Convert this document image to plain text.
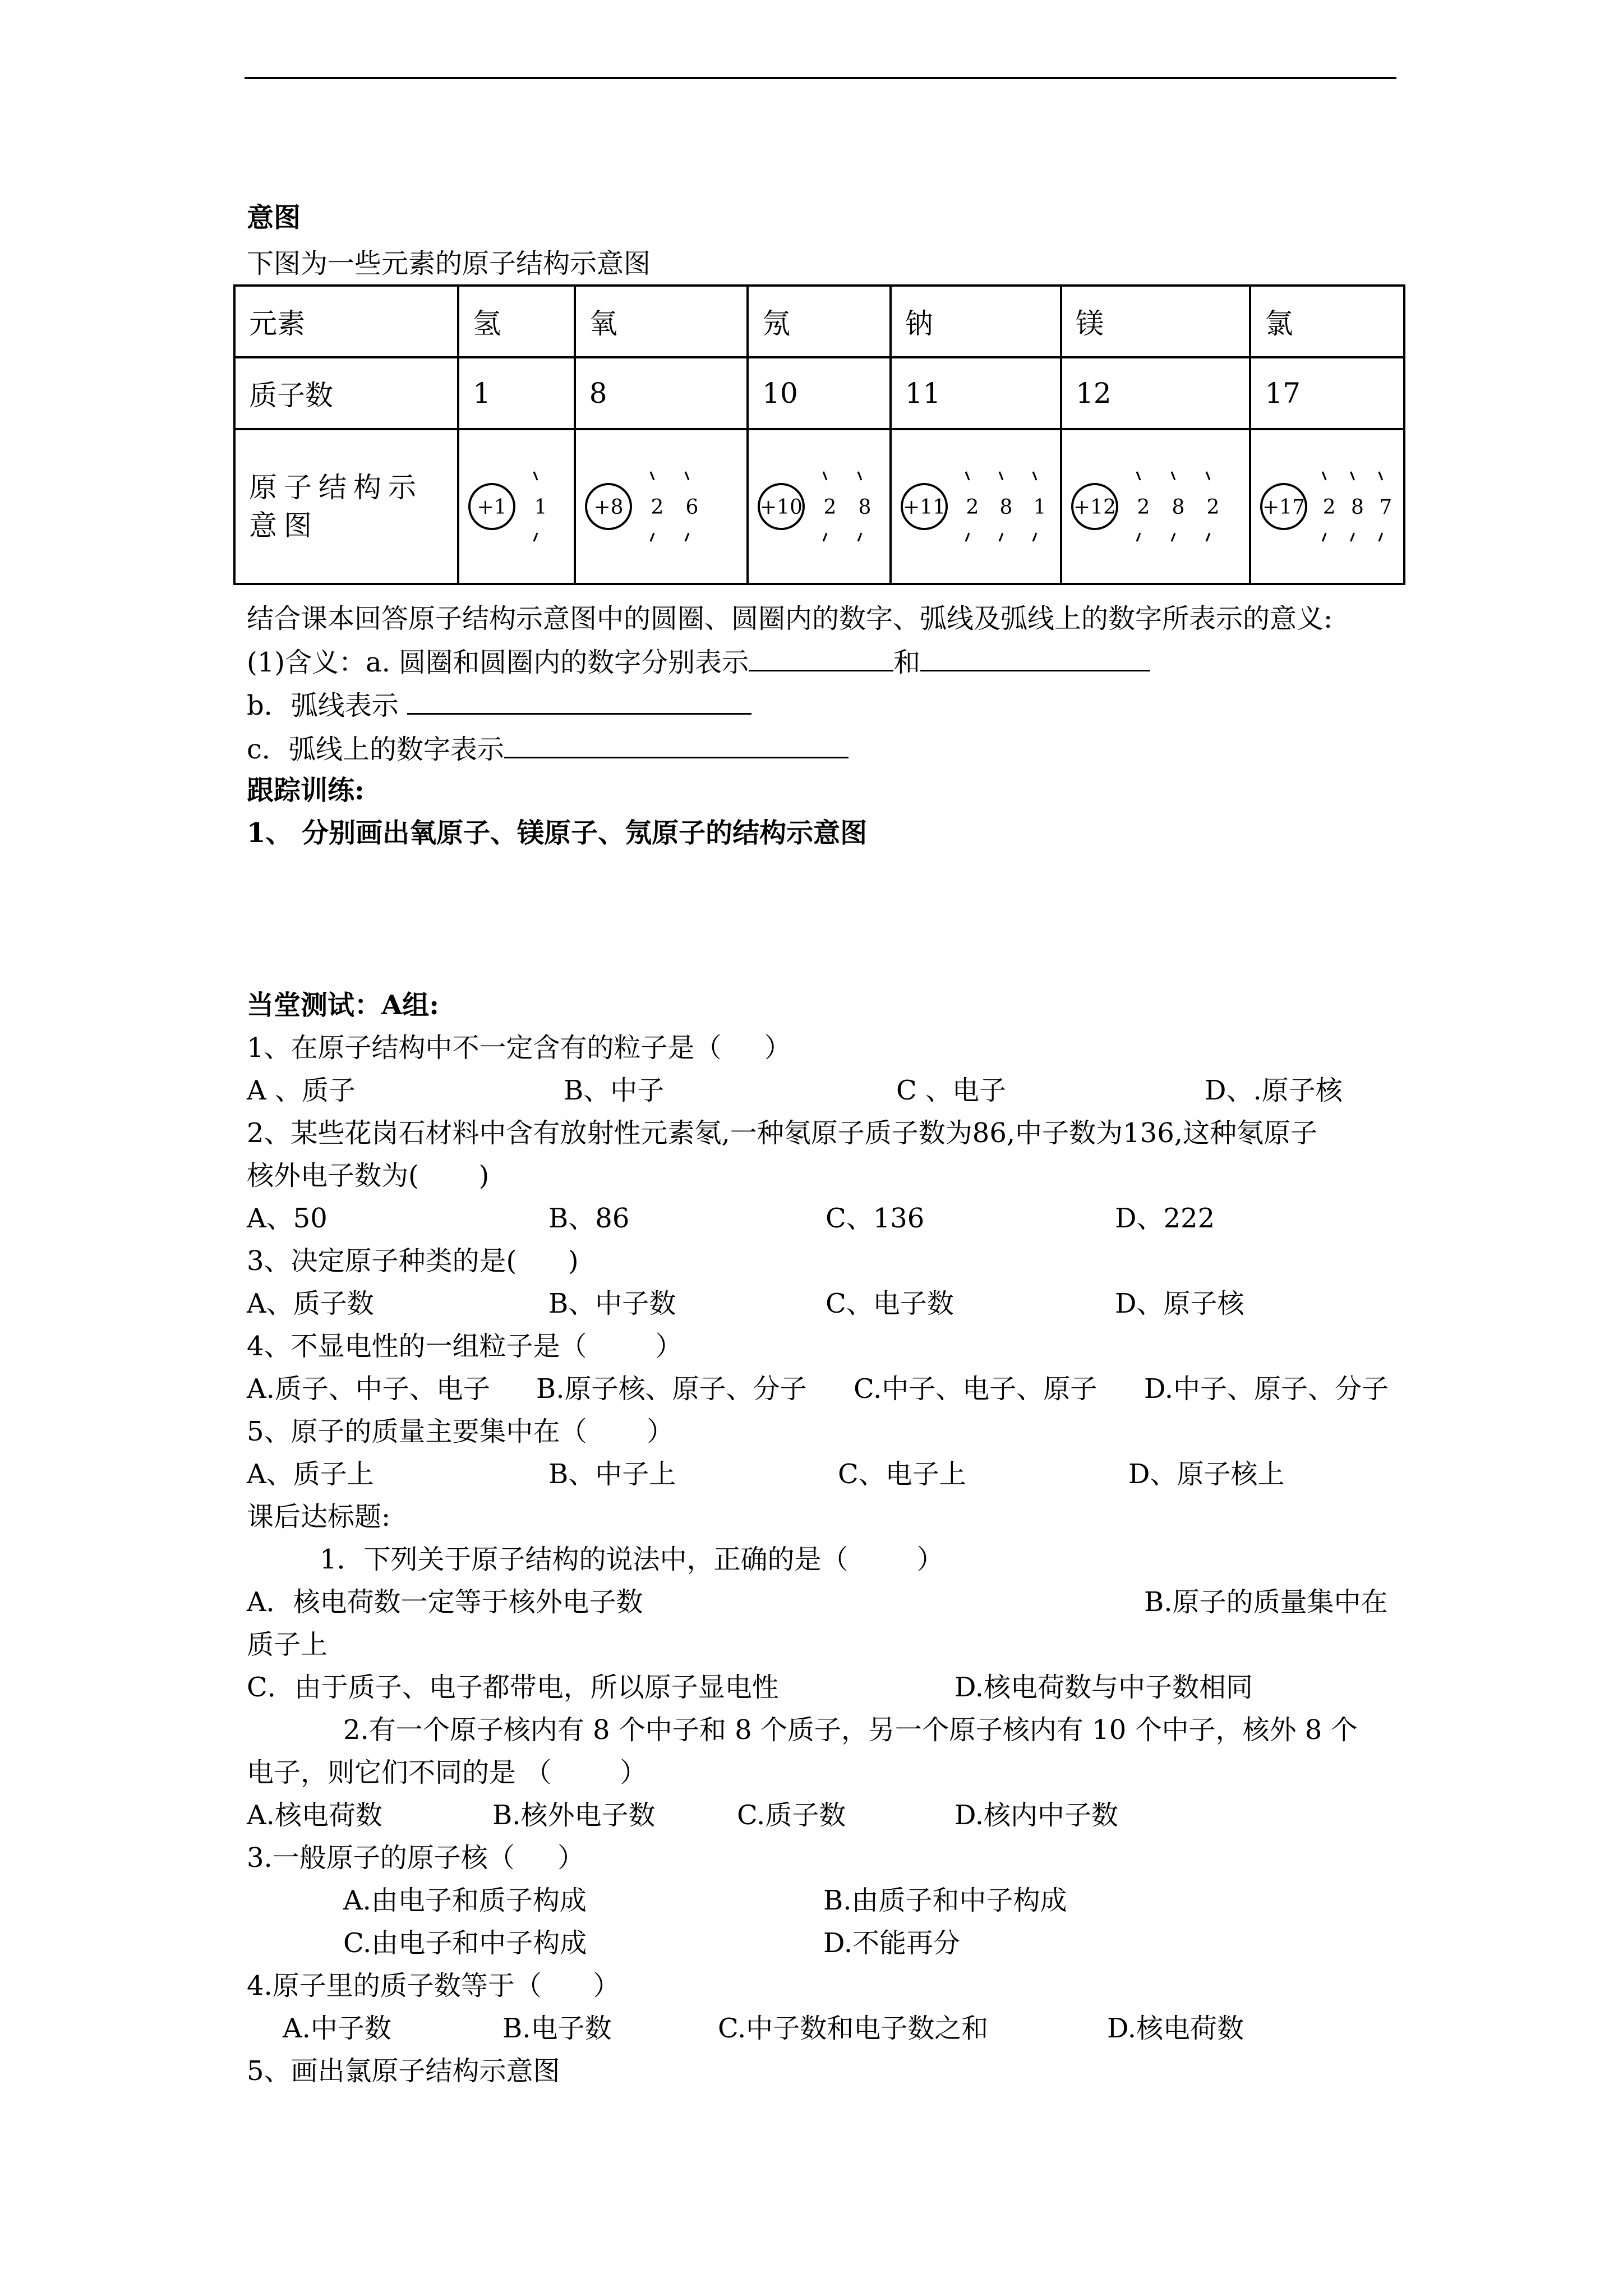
意图
下图为一些元素的原子结构示意图
元素	氢	氧	氖	钠	镁	氯
质子数	1	8	10	11	12	17
原子结构示意图	+1 1	+8 2 6	+10 2 8	+11 2 8 1	+12 2 8 2	+17 2 8 7
结合课本回答原子结构示意图中的圆圈、圆圈内的数字、弧线及弧线上的数字所表示的意义:
(1)含义：a. 圆圈和圆圈内的数字分别表示	和
b．弧线表示
c．弧线上的数字表示
跟踪训练:
1、 分别画出氧原子、镁原子、氖原子的结构示意图
当堂测试：A组:
1、在原子结构中不一定含有的粒子是（     ）
A 、质子	B、中子	C 、电子	D、.原子核
2、某些花岗石材料中含有放射性元素氡,一种氡原子质子数为86,中子数为136,这种氡原子
核外电子数为(       )
A、50	B、86	C、136	D、222
3、决定原子种类的是(      )
A、质子数	B、中子数	C、电子数	D、原子核
4、不显电性的一组粒子是（        ）
A.质子、中子、电子 B.原子核、原子、分子 C.中子、电子、原子 D.中子、原子、分子
5、原子的质量主要集中在（       ）
A、质子上	B、中子上	C、电子上	D、原子核上
课后达标题:
1．下列关于原子结构的说法中，正确的是（        ）
A．核电荷数一定等于核外电子数	B.原子的质量集中在
质子上
C．由于质子、电子都带电，所以原子显电性	D.核电荷数与中子数相同
2.有一个原子核内有 8 个中子和 8 个质子，另一个原子核内有 10 个中子，核外 8 个
电子，则它们不同的是 （        ）
A.核电荷数	B.核外电子数	C.质子数	D.核内中子数
3.一般原子的原子核（     ）
A.由电子和质子构成	B.由质子和中子构成
C.由电子和中子构成	D.不能再分
4.原子里的质子数等于（      ）
A.中子数	B.电子数	C.中子数和电子数之和	D.核电荷数
5、画出氯原子结构示意图
